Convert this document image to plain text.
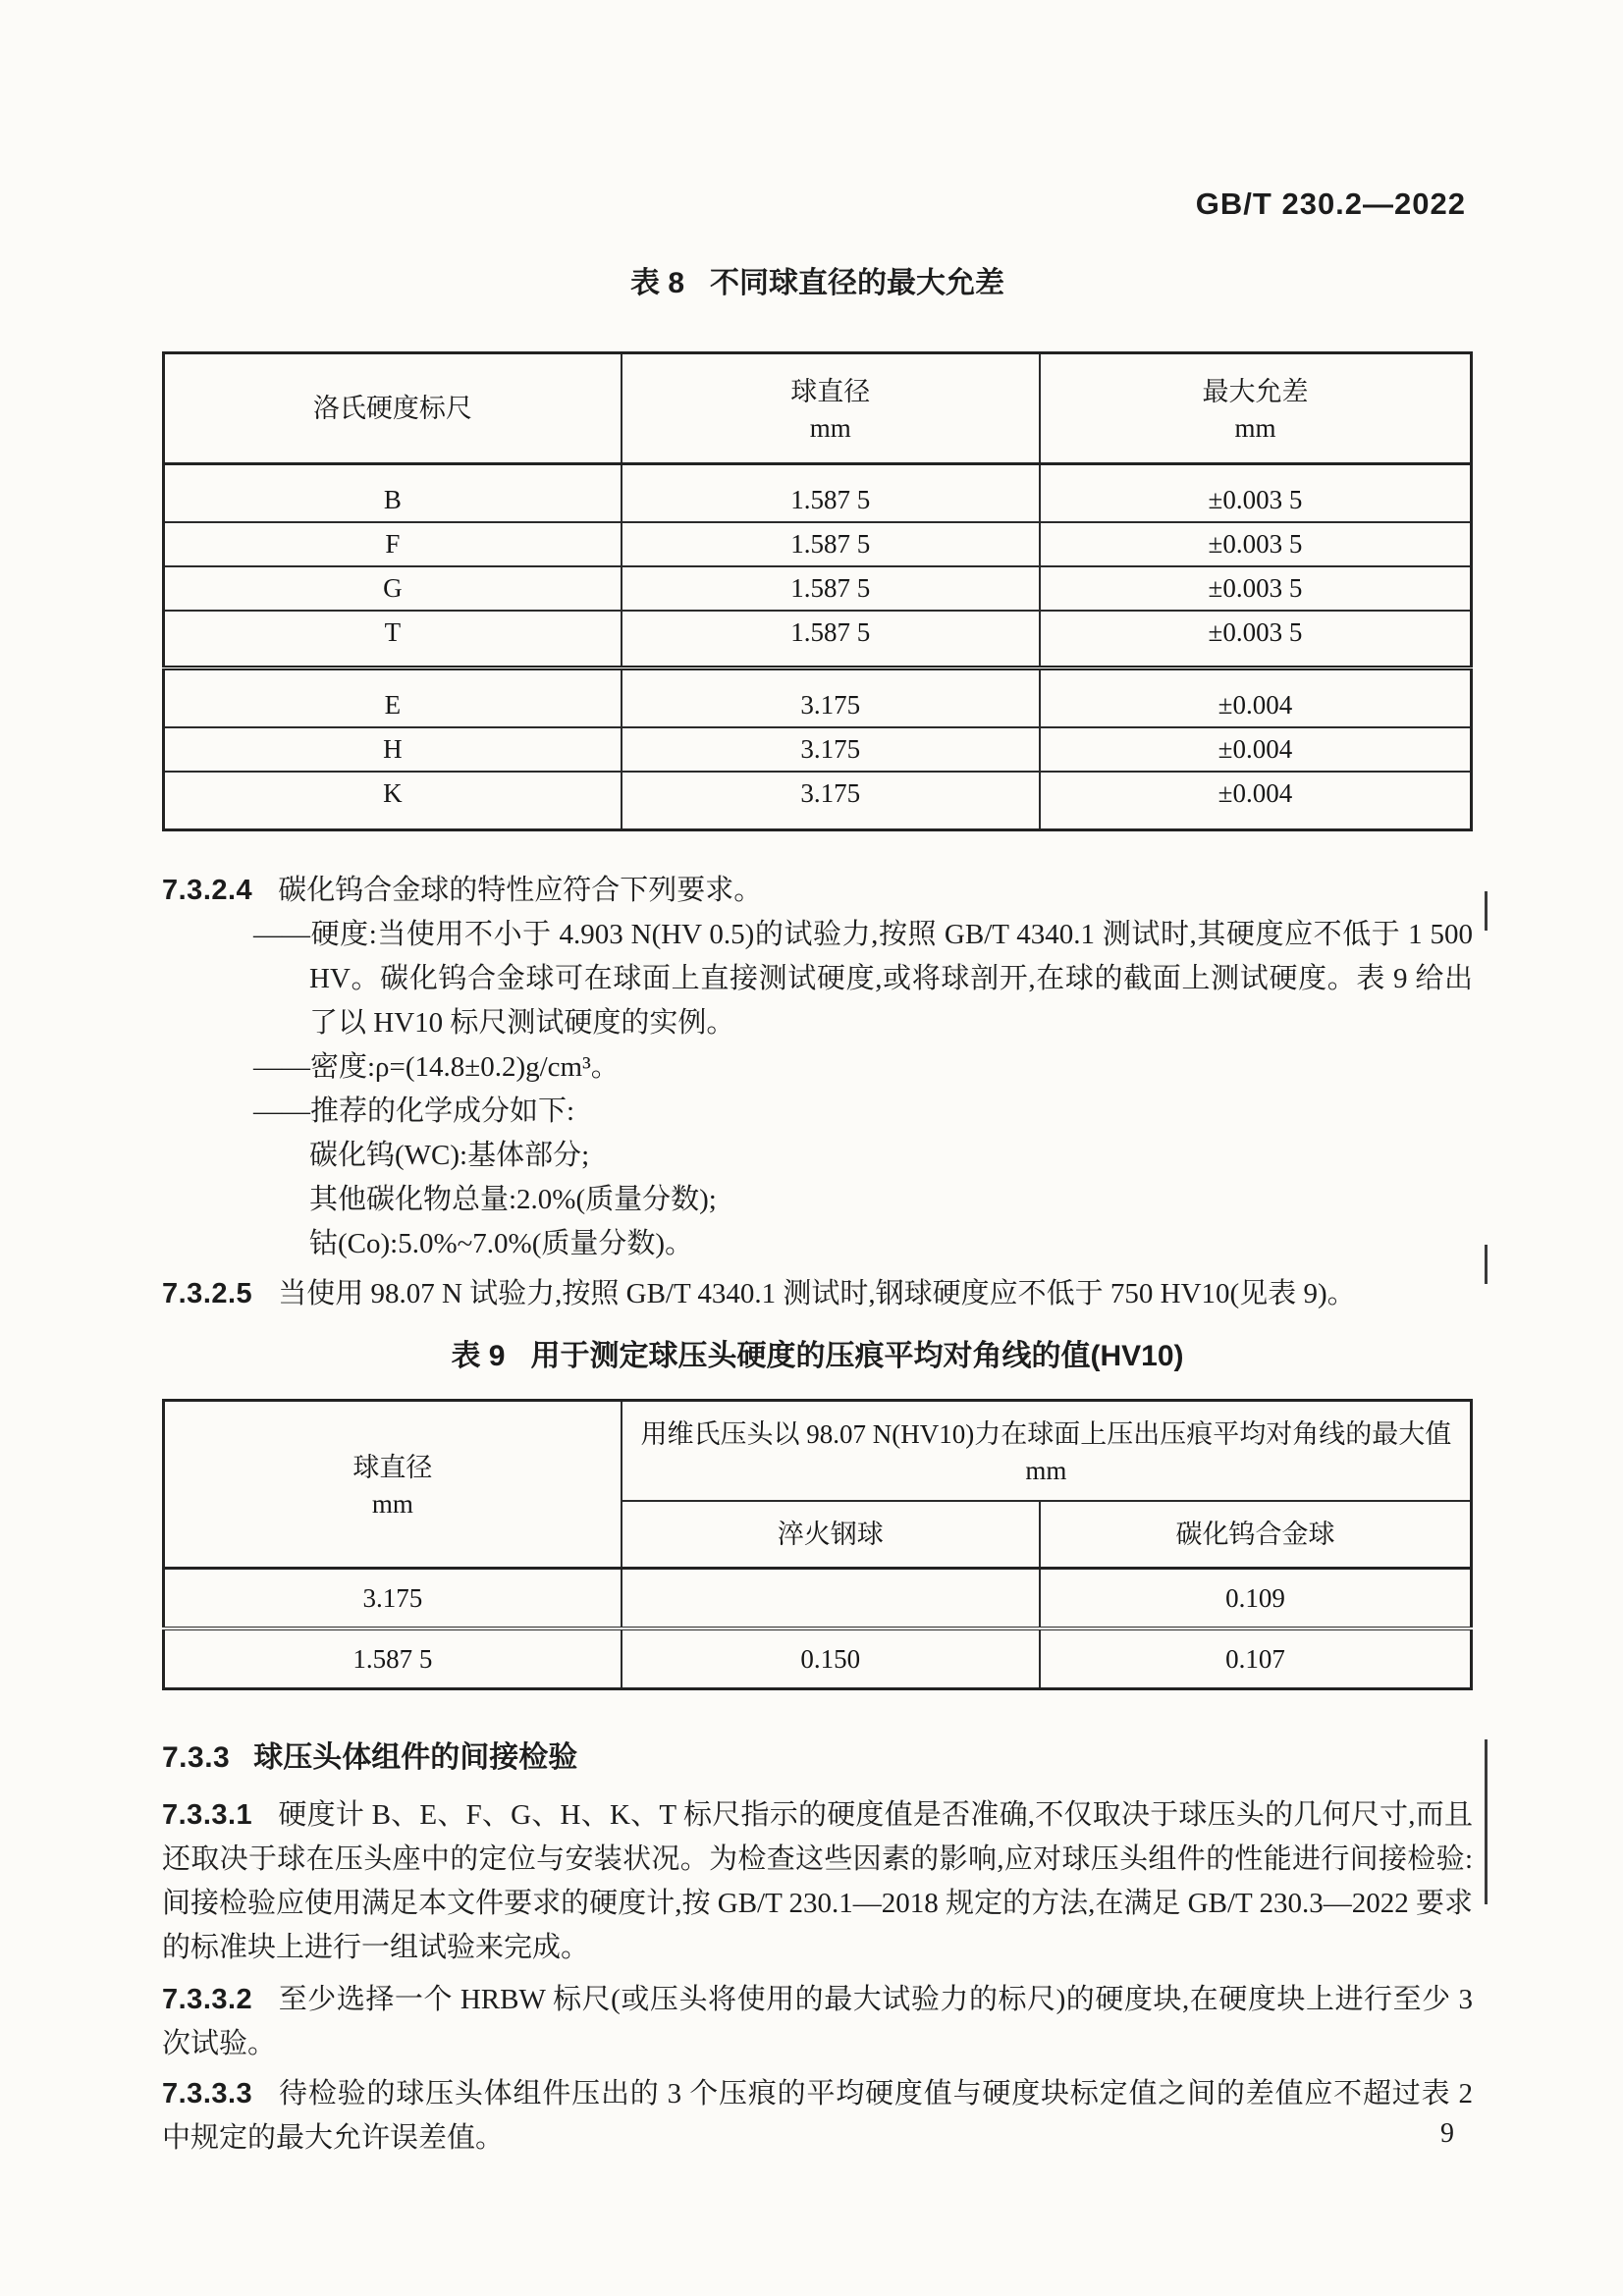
GB/T 230.2—2022
表 8 不同球直径的最大允差
洛氏硬度标尺

球直径
mm

最大允差
mm

B	1.587 5	±0.003 5
F	1.587 5	±0.003 5
G	1.587 5	±0.003 5
T	1.587 5	±0.003 5
E	3.175	±0.004
H	3.175	±0.004
K	3.175	±0.004

7.3.2.4 碳化钨合金球的特性应符合下列要求。

——硬度:当使用不小于 4.903 N(HV 0.5)的试验力,按照 GB/T 4340.1 测试时,其硬度应不低于 1 500 HV。碳化钨合金球可在球面上直接测试硬度,或将球剖开,在球的截面上测试硬度。表 9 给出了以 HV10 标尺测试硬度的实例。

——密度:ρ=(14.8±0.2)g/cm³。

——推荐的化学成分如下:

碳化钨(WC):基体部分;

其他碳化物总量:2.0%(质量分数);

钴(Co):5.0%~7.0%(质量分数)。

7.3.2.5 当使用 98.07 N 试验力,按照 GB/T 4340.1 测试时,钢球硬度应不低于 750 HV10(见表 9)。

表 9 用于测定球压头硬度的压痕平均对角线的值(HV10)
球直径
mm

用维氏压头以 98.07 N(HV10)力在球面上压出压痕平均对角线的最大值
mm

	淬火钢球	碳化钨合金球
3.175		0.109
1.587 5	0.150	0.107
7.3.3 球压头体组件的间接检验

7.3.3.1 硬度计 B、E、F、G、H、K、T 标尺指示的硬度值是否准确,不仅取决于球压头的几何尺寸,而且还取决于球在压头座中的定位与安装状况。为检查这些因素的影响,应对球压头组件的性能进行间接检验:间接检验应使用满足本文件要求的硬度计,按 GB/T 230.1—2018 规定的方法,在满足 GB/T 230.3—2022 要求的标准块上进行一组试验来完成。

7.3.3.2 至少选择一个 HRBW 标尺(或压头将使用的最大试验力的标尺)的硬度块,在硬度块上进行至少 3 次试验。

7.3.3.3 待检验的球压头体组件压出的 3 个压痕的平均硬度值与硬度块标定值之间的差值应不超过表 2 中规定的最大允许误差值。	9
